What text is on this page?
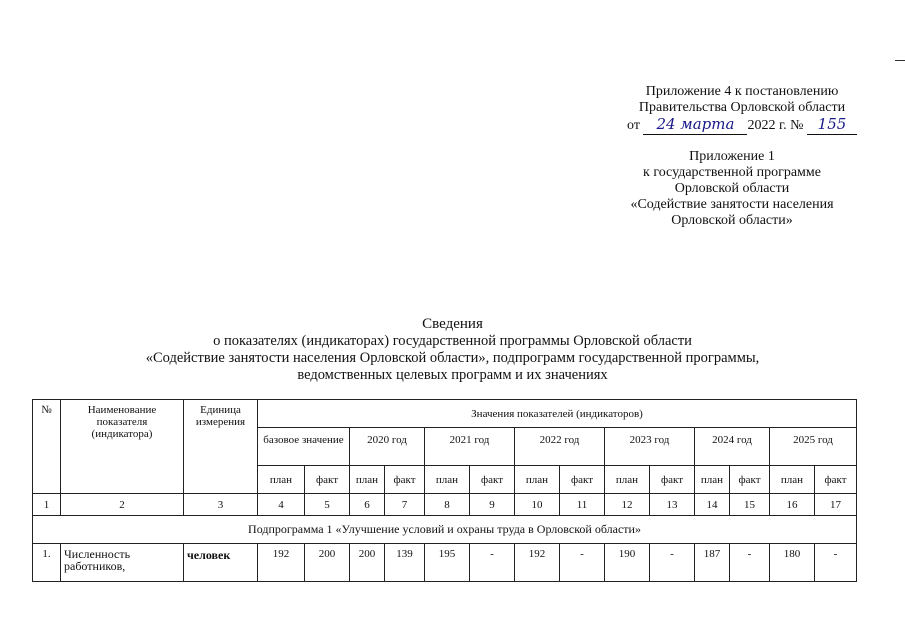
Приложение 4 к постановлению
Правительства Орловской области
от 24 марта 2022 г. № 155
Приложение 1
к государственной программе
Орловской области
«Содействие занятости населения
Орловской области»
Сведения
о показателях (индикаторах) государственной программы Орловской области
«Содействие занятости населения Орловской области», подпрограмм государственной программы,
ведомственных целевых программ и их значениях
№	Наименование показателя (индикатора)	Единица измерения	Значения показателей (индикаторов)													
			базовое значение		2020 год		2021 год		2022 год		2023 год		2024 год		2025 год	
			план	факт	план	факт	план	факт	план	факт	план	факт	план	факт	план	факт
1	2	3	4	5	6	7	8	9	10	11	12	13	14	15	16	17
Подпрограмма 1 «Улучшение условий и охраны труда в Орловской области»																
1.	Численность работников,	человек	192	200	200	139	195	-	192	-	190	-	187	-	180	-
